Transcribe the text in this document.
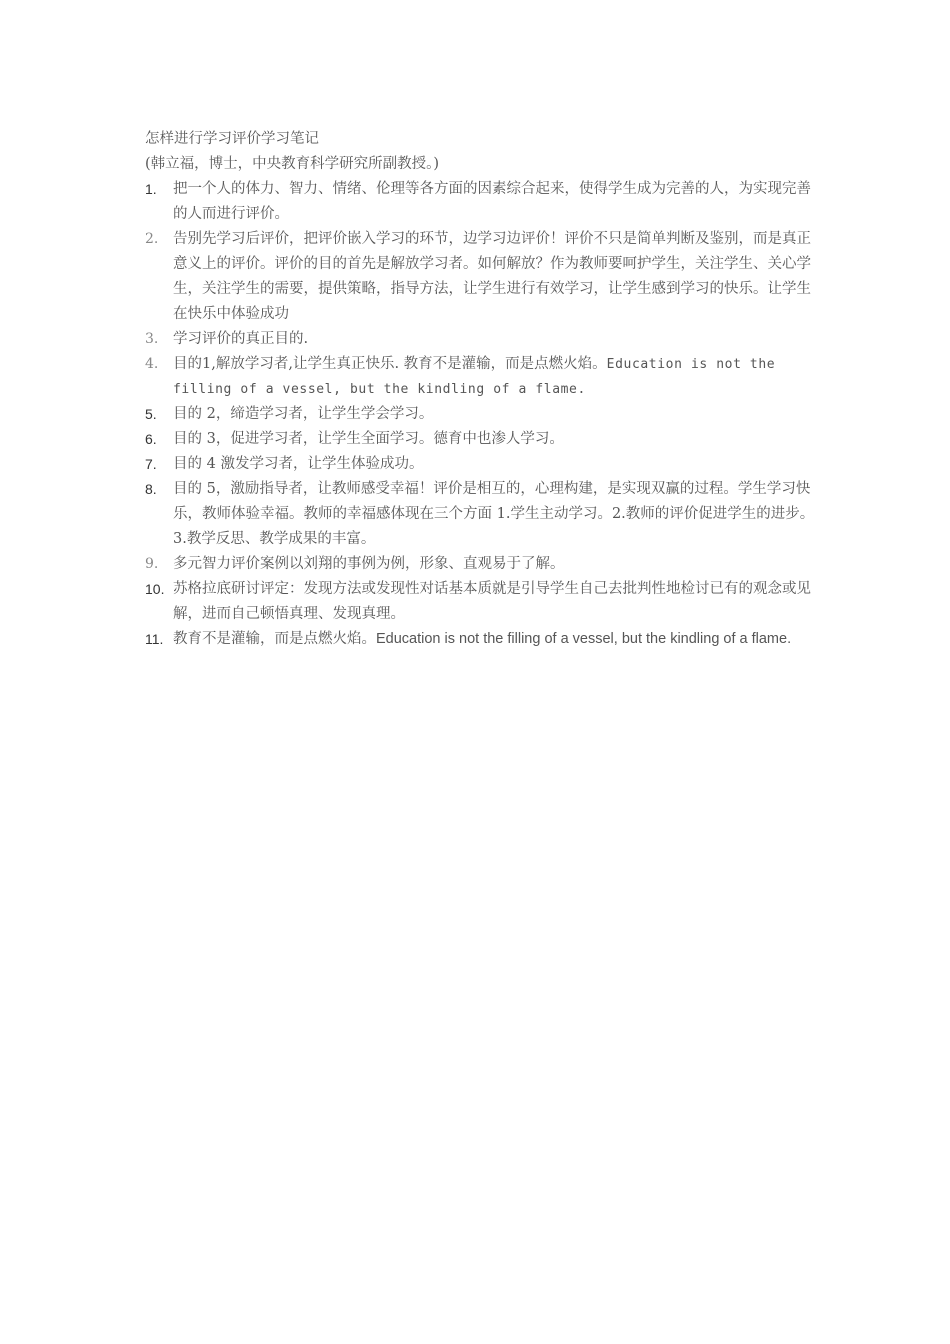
怎样进行学习评价学习笔记
(韩立福，博士，中央教育科学研究所副教授。)
1.	把一个人的体力、智力、情绪、伦理等各方面的因素综合起来，使得学生成为完善的人，为实现完善的人而进行评价。
2.	告别先学习后评价，把评价嵌入学习的环节，边学习边评价！评价不只是简单判断及鉴别，而是真正意义上的评价。评价的目的首先是解放学习者。如何解放？作为教师要呵护学生，关注学生、关心学生，关注学生的需要，提供策略，指导方法，让学生进行有效学习，让学生感到学习的快乐。让学生在快乐中体验成功
3.	学习评价的真正目的.
4.	目的1,解放学习者,让学生真正快乐. 教育不是灌输，而是点燃火焰。Education is not the filling of a vessel, but the kindling of a flame.
5.	目的 2，缔造学习者，让学生学会学习。
6.	目的 3，促进学习者，让学生全面学习。德育中也渗人学习。
7.	目的 4 激发学习者，让学生体验成功。
8.	目的 5，激励指导者，让教师感受幸福！评价是相互的，心理构建，是实现双赢的过程。学生学习快乐，教师体验幸福。教师的幸福感体现在三个方面 1.学生主动学习。2.教师的评价促进学生的进步。3.教学反思、教学成果的丰富。
9.	多元智力评价案例以刘翔的事例为例，形象、直观易于了解。
10. 苏格拉底研讨评定：发现方法或发现性对话基本质就是引导学生自己去批判性地检讨已有的观念或见解，进而自己顿悟真理、发现真理。
11. 教育不是灌输，而是点燃火焰。Education is not the filling of a vessel, but the kindling of a flame.
